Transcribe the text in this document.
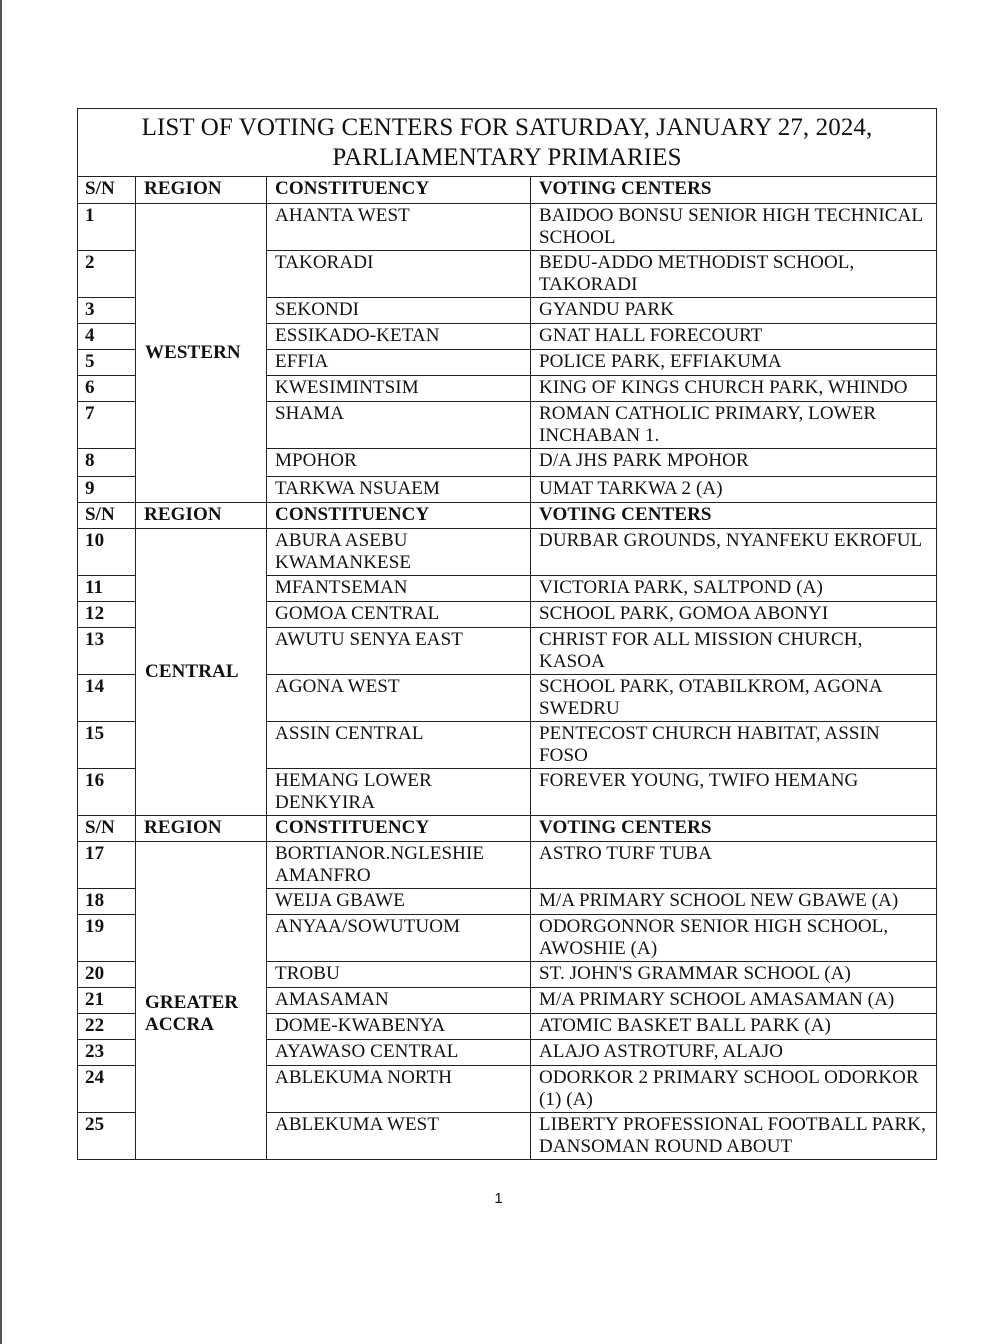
LIST OF VOTING CENTERS FOR SATURDAY, JANUARY 27, 2024,
PARLIAMENTARY PRIMARIES			

S/N	REGION	CONSTITUENCY	VOTING CENTERS
1	WESTERN	AHANTA WEST	BAIDOO BONSU SENIOR HIGH TECHNICAL SCHOOL
2		TAKORADI	BEDU-ADDO METHODIST SCHOOL, TAKORADI
3		SEKONDI	GYANDU PARK
4		ESSIKADO-KETAN	GNAT HALL FORECOURT
5		EFFIA	POLICE PARK, EFFIAKUMA
6		KWESIMINTSIM	KING OF KINGS CHURCH PARK, WHINDO
7		SHAMA	ROMAN CATHOLIC PRIMARY, LOWER INCHABAN 1.
8		MPOHOR	D/A JHS PARK MPOHOR
9		TARKWA NSUAEM	UMAT TARKWA 2 (A)
S/N	REGION	CONSTITUENCY	VOTING CENTERS
10	CENTRAL	ABURA ASEBU KWAMANKESE	DURBAR GROUNDS, NYANFEKU EKROFUL
11		MFANTSEMAN	VICTORIA PARK, SALTPOND (A)
12		GOMOA CENTRAL	SCHOOL PARK, GOMOA ABONYI
13		AWUTU SENYA EAST	CHRIST FOR ALL MISSION CHURCH, KASOA
14		AGONA WEST	SCHOOL PARK, OTABILKROM, AGONA SWEDRU
15		ASSIN CENTRAL	PENTECOST CHURCH HABITAT, ASSIN FOSO
16		HEMANG LOWER DENKYIRA	FOREVER YOUNG, TWIFO HEMANG
S/N	REGION	CONSTITUENCY	VOTING CENTERS
17	GREATER ACCRA	BORTIANOR.NGLESHIE AMANFRO	ASTRO TURF TUBA
18		WEIJA GBAWE	M/A PRIMARY SCHOOL NEW GBAWE (A)
19		ANYAA/SOWUTUOM	ODORGONNOR SENIOR HIGH SCHOOL, AWOSHIE (A)
20		TROBU	ST. JOHN'S GRAMMAR SCHOOL (A)
21		AMASAMAN	M/A PRIMARY SCHOOL AMASAMAN (A)
22		DOME-KWABENYA	ATOMIC BASKET BALL PARK (A)
23		AYAWASO CENTRAL	ALAJO ASTROTURF, ALAJO
24		ABLEKUMA NORTH	ODORKOR 2 PRIMARY SCHOOL ODORKOR (1) (A)
25		ABLEKUMA WEST	LIBERTY PROFESSIONAL FOOTBALL PARK, DANSOMAN ROUND ABOUT
1
